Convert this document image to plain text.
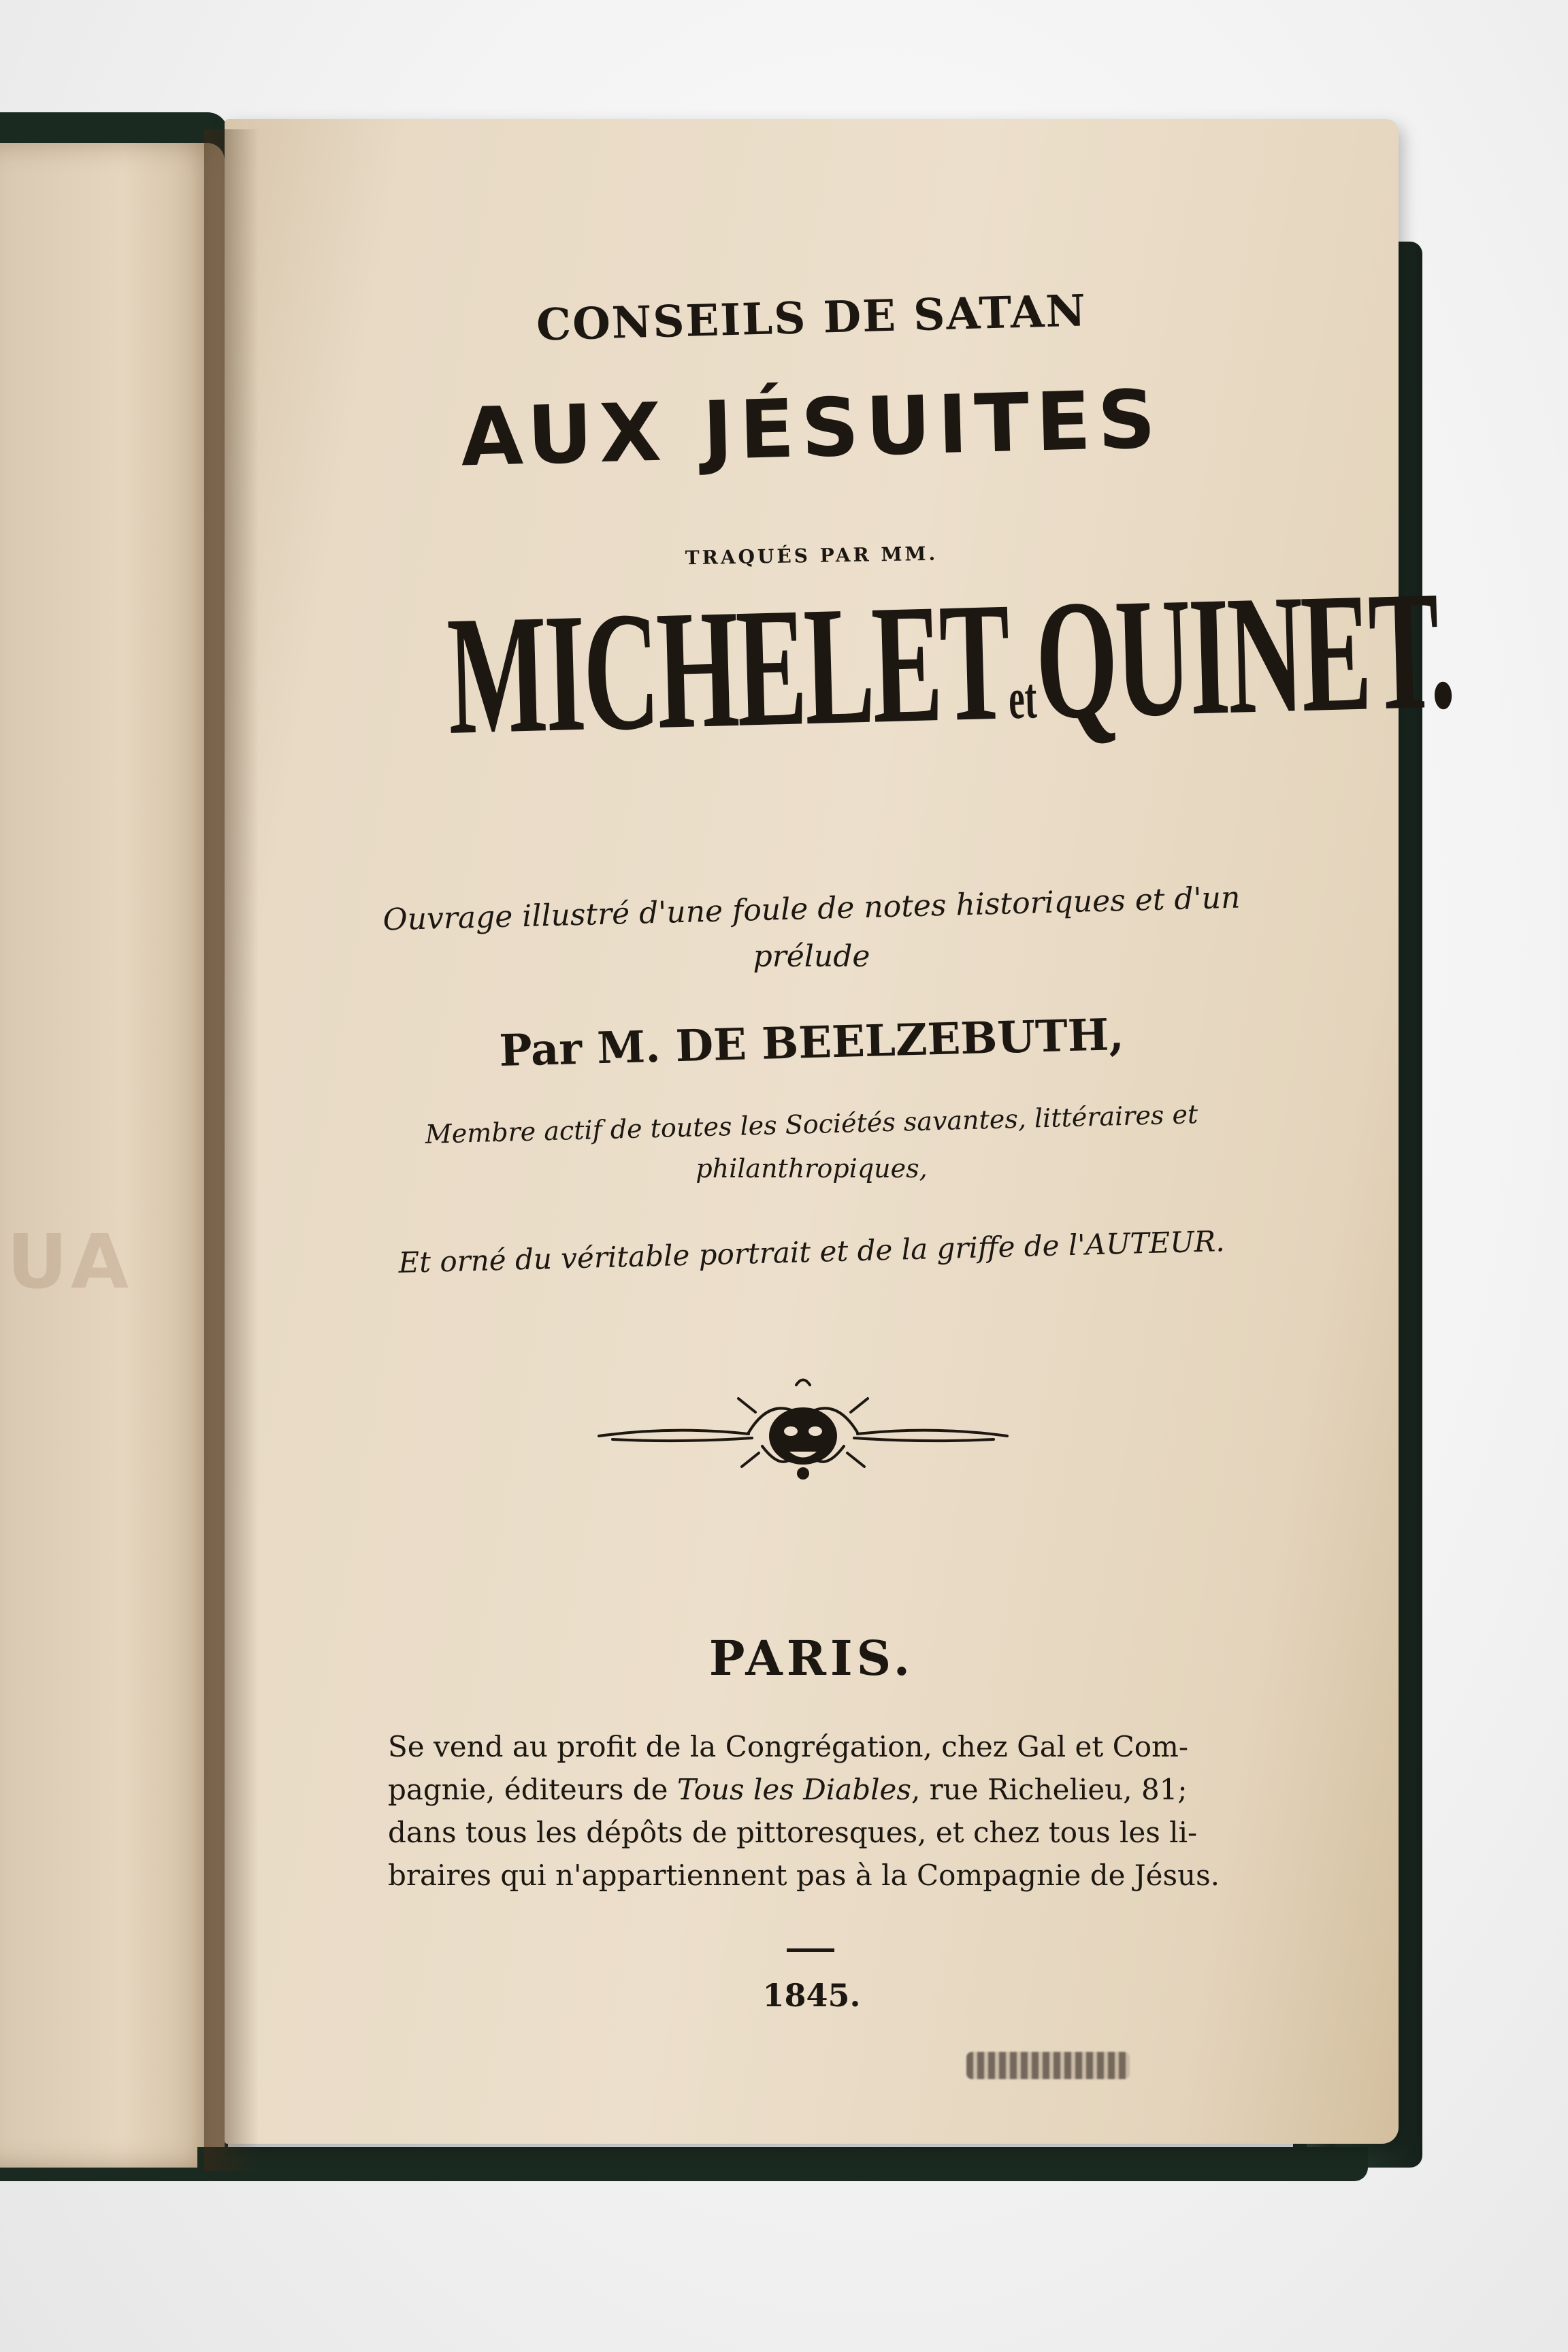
UA
CONSEILS DE SATAN
AUX JÉSUITES
TRAQUÉS PAR MM.
MICHELETetQUINET.
Ouvrage illustré d'une foule de notes historiques et d'un
prélude
Par M. DE BEELZEBUTH,
Membre actif de toutes les Sociétés savantes, littéraires et
philanthropiques,
Et orné du véritable portrait et de la griffe de l'AUTEUR.
PARIS.
Se vend au profit de la Congrégation, chez Gal et Com-
pagnie, éditeurs de Tous les Diables, rue Richelieu, 81;
dans tous les dépôts de pittoresques, et chez tous les li-
braires qui n'appartiennent pas à la Compagnie de Jésus.
1845.
